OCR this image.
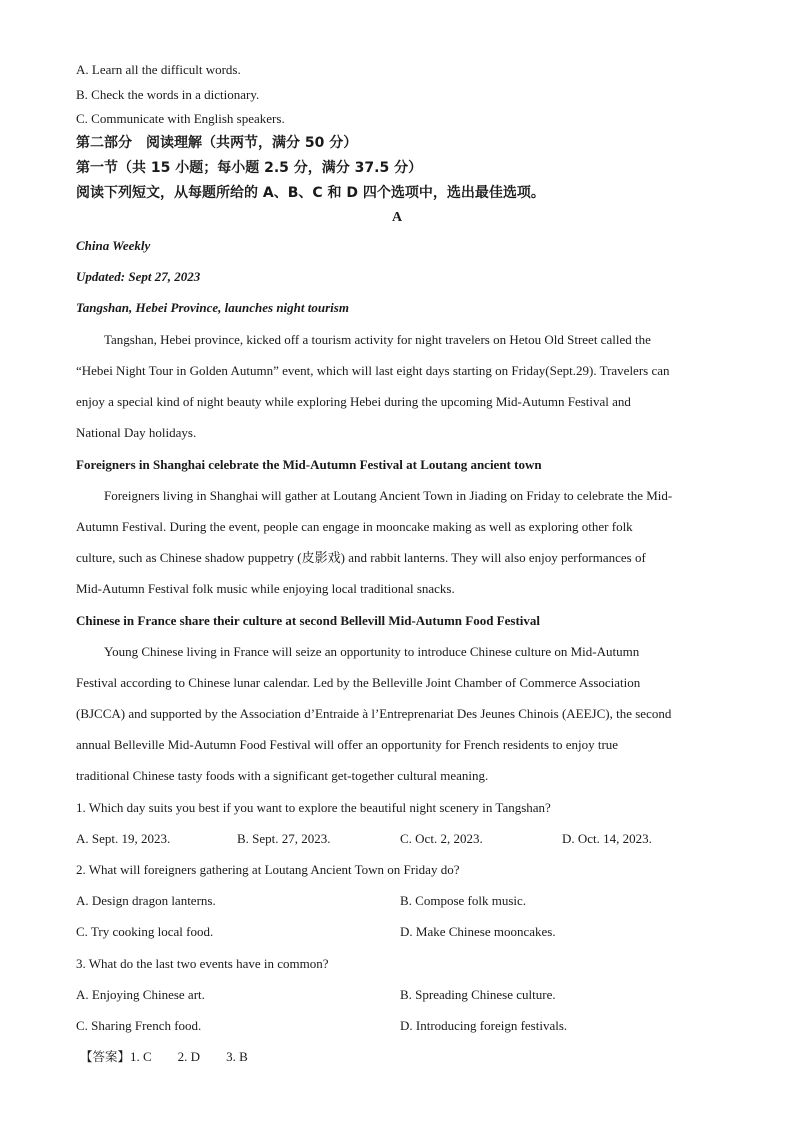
A. Learn all the difficult words.
B. Check the words in a dictionary.
C. Communicate with English speakers.
第二部分　阅读理解（共两节，满分 50 分）
第一节（共 15 小题；每小题 2.5 分，满分 37.5 分）
阅读下列短文，从每题所给的 A、B、C 和 D 四个选项中，选出最佳选项。
A
China Weekly
Updated: Sept 27, 2023
Tangshan, Hebei Province, launches night tourism
Tangshan, Hebei province, kicked off a tourism activity for night travelers on Hetou Old Street called the
“Hebei Night Tour in Golden Autumn” event, which will last eight days starting on Friday(Sept.29). Travelers can
enjoy a special kind of night beauty while exploring Hebei during the upcoming Mid-Autumn Festival and
National Day holidays.
Foreigners in Shanghai celebrate the Mid-Autumn Festival at Loutang ancient town
Foreigners living in Shanghai will gather at Loutang Ancient Town in Jiading on Friday to celebrate the Mid-
Autumn Festival. During the event, people can engage in mooncake making as well as exploring other folk
culture, such as Chinese shadow puppetry (皮影戏) and rabbit lanterns. They will also enjoy performances of
Mid-Autumn Festival folk music while enjoying local traditional snacks.
Chinese in France share their culture at second Bellevill Mid-Autumn Food Festival
Young Chinese living in France will seize an opportunity to introduce Chinese culture on Mid-Autumn
Festival according to Chinese lunar calendar. Led by the Belleville Joint Chamber of Commerce Association
(BJCCA) and supported by the Association d’Entraide à l’Entreprenariat Des Jeunes Chinois (AEEJC), the second
annual Belleville Mid-Autumn Food Festival will offer an opportunity for French residents to enjoy true
traditional Chinese tasty foods with a significant get-together cultural meaning.
1. Which day suits you best if you want to explore the beautiful night scenery in Tangshan?
A. Sept. 19, 2023.	B. Sept. 27, 2023.	C. Oct. 2, 2023.	D. Oct. 14, 2023.
2. What will foreigners gathering at Loutang Ancient Town on Friday do?
A. Design dragon lanterns.	B. Compose folk music.
C. Try cooking local food.	D. Make Chinese mooncakes.
3. What do the last two events have in common?
A. Enjoying Chinese art.	B. Spreading Chinese culture.
C. Sharing French food.	D. Introducing foreign festivals.
【答案】1. C        2. D        3. B
